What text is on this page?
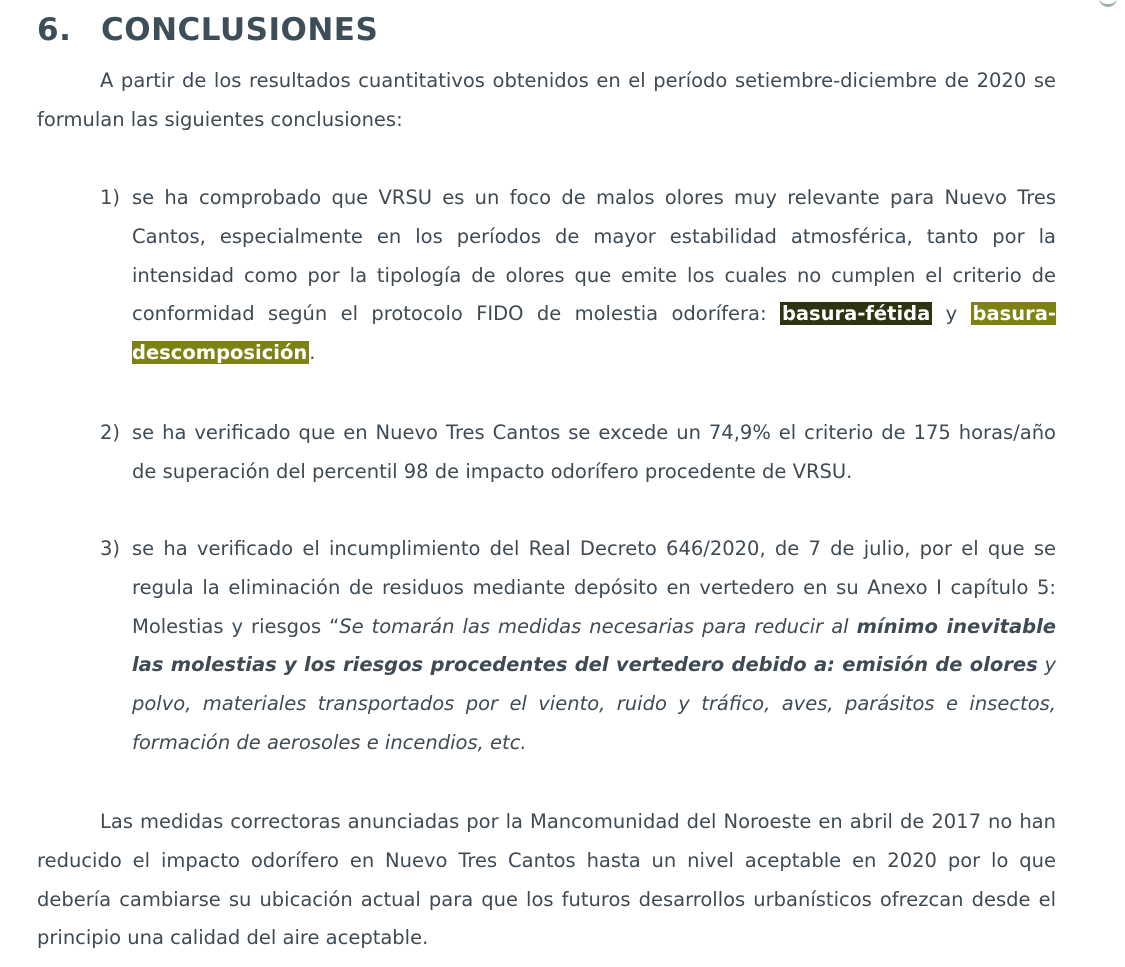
6. CONCLUSIONES

A partir de los resultados cuantitativos obtenidos en el período setiembre-diciembre de 2020 se formulan las siguientes conclusiones:

1) se ha comprobado que VRSU es un foco de malos olores muy relevante para Nuevo Tres Cantos, especialmente en los períodos de mayor estabilidad atmosférica, tanto por la intensidad como por la tipología de olores que emite los cuales no cumplen el criterio de conformidad según el protocolo FIDO de molestia odorífera: basura-fétida y basura-descomposición .

2) se ha verificado que en Nuevo Tres Cantos se excede un 74,9% el criterio de 175 horas/año de superación del percentil 98 de impacto odorífero procedente de VRSU.

3) se ha verificado el incumplimiento del Real Decreto 646/2020, de 7 de julio, por el que se regula la eliminación de residuos mediante depósito en vertedero en su Anexo I capítulo 5: Molestias y riesgos “Se tomarán las medidas necesarias para reducir al mínimo inevitable las molestias y los riesgos procedentes del vertedero debido a: emisión de olores y polvo, materiales transportados por el viento, ruido y tráfico, aves, parásitos e insectos, formación de aerosoles e incendios, etc.

Las medidas correctoras anunciadas por la Mancomunidad del Noroeste en abril de 2017 no han reducido el impacto odorífero en Nuevo Tres Cantos hasta un nivel aceptable en 2020 por lo que debería cambiarse su ubicación actual para que los futuros desarrollos urbanísticos ofrezcan desde el principio una calidad del aire aceptable.
